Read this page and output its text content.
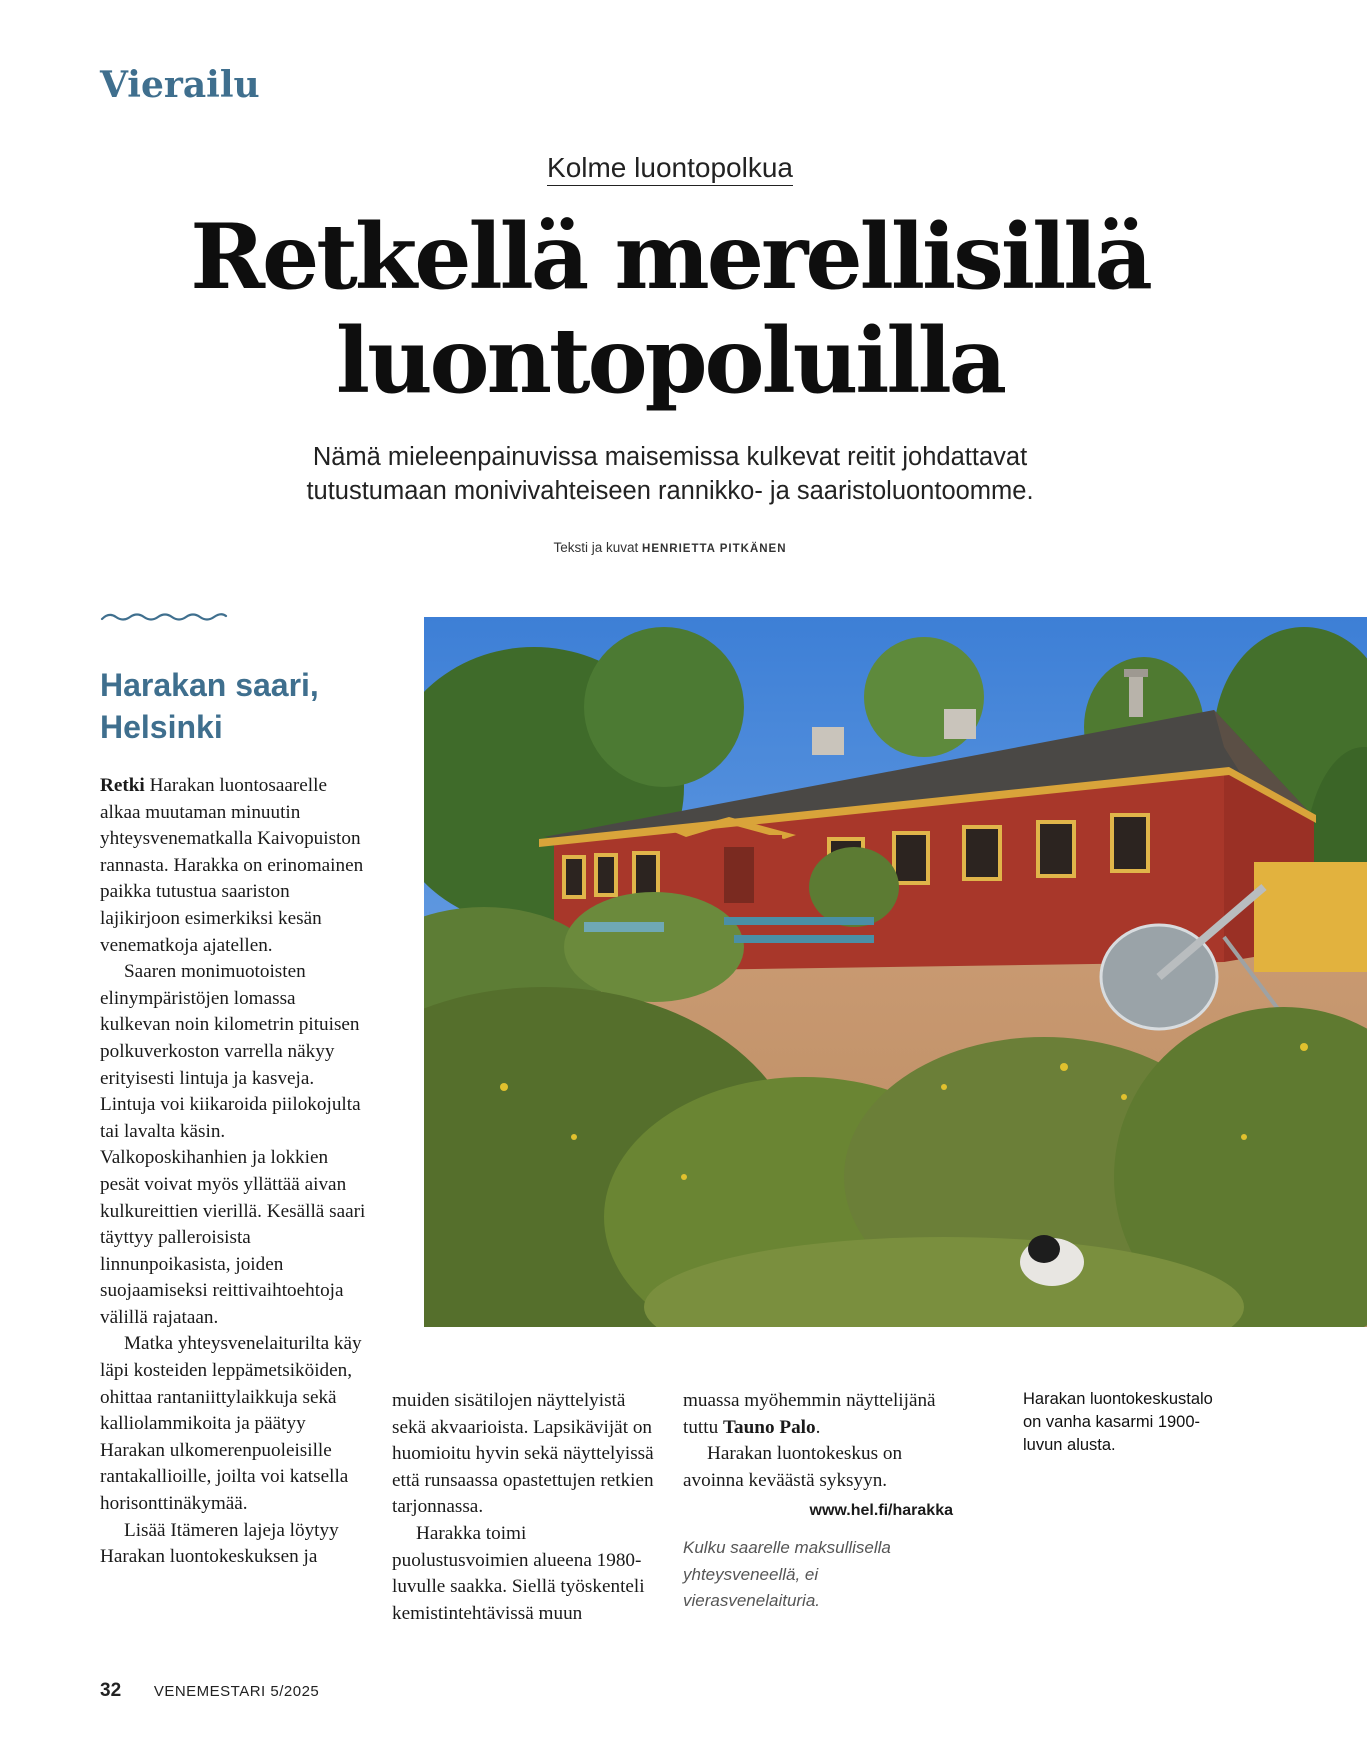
Vierailu
Kolme luontopolkua
Retkellä merellisillä
luontopoluilla
Nämä mieleenpainuvissa maisemissa kulkevat reitit johdattavat
tutustumaan monivivahteiseen rannikko- ja saaristoluontoomme.
Teksti ja kuvat HENRIETTA PITKÄNEN
Harakan saari,
Helsinki

Retki Harakan luontosaarelle alkaa muutaman minuutin yhteysvenematkalla Kaivopuiston rannasta. Harakka on erinomainen paikka tutustua saariston lajikirjoon esimerkiksi kesän venematkoja ajatellen.

Saaren monimuotoisten elinympäristöjen lomassa kulkevan noin kilometrin pituisen polkuverkoston varrella näkyy erityisesti lintuja ja kasveja. Lintuja voi kiikaroida piilokojulta tai lavalta käsin. Valkoposkihanhien ja lokkien pesät voivat myös yllättää aivan kulkureittien vierillä. Kesällä saari täyttyy palleroisista linnunpoikasista, joiden suojaamiseksi reittivaihtoehtoja välillä rajataan.

Matka yhteysvenelaiturilta käy läpi kosteiden leppämetsiköiden, ohittaa rantaniittylaikkuja sekä kalliolammikoita ja päätyy Harakan ulkomerenpuoleisille rantakallioille, joilta voi katsella horisonttinäkymää.

Lisää Itämeren lajeja löytyy Harakan luontokeskuksen ja

muiden sisätilojen näyttelyistä sekä akvaarioista. Lapsikävijät on huomioitu hyvin sekä näyttelyissä että runsaassa opastettujen retkien tarjonnassa.

Harakka toimi puolustusvoimien alueena 1980-luvulle saakka. Siellä työskenteli kemistintehtävissä muun

muassa myöhemmin näyttelijänä tuttu Tauno Palo.

Harakan luontokeskus on avoinna keväästä syksyyn.

www.hel.fi/harakka
Kulku saarelle maksullisella yhteysveneellä, ei vierasvenelaituria.
Harakan luontokeskustalo on vanha kasarmi 1900-luvun alusta.
32 VENEMESTARI 5/2025
